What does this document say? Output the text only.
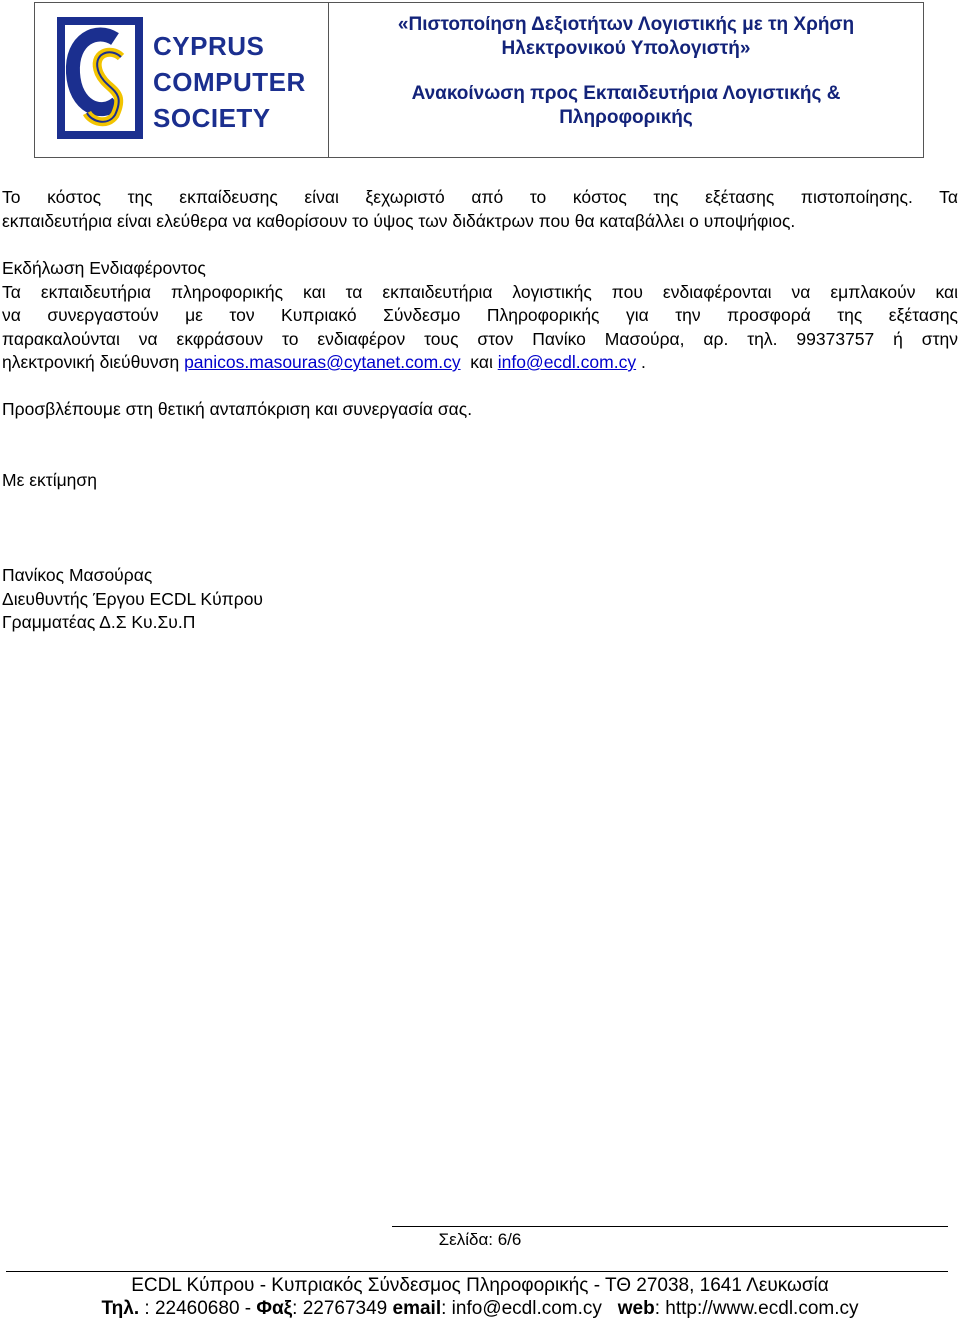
CYPRUS
COMPUTER
SOCIETY
«Πιστοποίηση Δεξιοτήτων Λογιστικής με τη Χρήση
Ηλεκτρονικού Υπολογιστή»
Ανακοίνωση προς Εκπαιδευτήρια Λογιστικής &
Πληροφορικής
Το κόστος της εκπαίδευσης είναι ξεχωριστό από το κόστος της εξέτασης πιστοποίησης. Τα
εκπαιδευτήρια είναι ελεύθερα να καθορίσουν το ύψος των διδάκτρων που θα καταβάλλει ο υποψήφιος.
Εκδήλωση Ενδιαφέροντος
Τα εκπαιδευτήρια πληροφορικής και τα εκπαιδευτήρια λογιστικής που ενδιαφέρονται να εμπλακούν και
να συνεργαστούν με τον Κυπριακό Σύνδεσμο Πληροφορικής για την προσφορά της εξέτασης
παρακαλούνται να εκφράσουν το ενδιαφέρον τους στον Πανίκο Μασούρα, αρ. τηλ. 99373757 ή στην
ηλεκτρονική διεύθυνση panicos.masouras@cytanet.com.cy  και info@ecdl.com.cy .
Προσβλέπουμε στη θετική ανταπόκριση και συνεργασία σας.
Με εκτίμηση
Πανίκος Μασούρας
Διευθυντής Έργου ECDL Κύπρου
Γραμματέας Δ.Σ Κυ.Συ.Π
Σελίδα: 6/6
ECDL Κύπρου - Κυπριακός Σύνδεσμος Πληροφορικής - ΤΘ 27038, 1641 Λευκωσία
Τηλ. : 22460680 - Φαξ: 22767349 email: info@ecdl.com.cy   web: http://www.ecdl.com.cy
